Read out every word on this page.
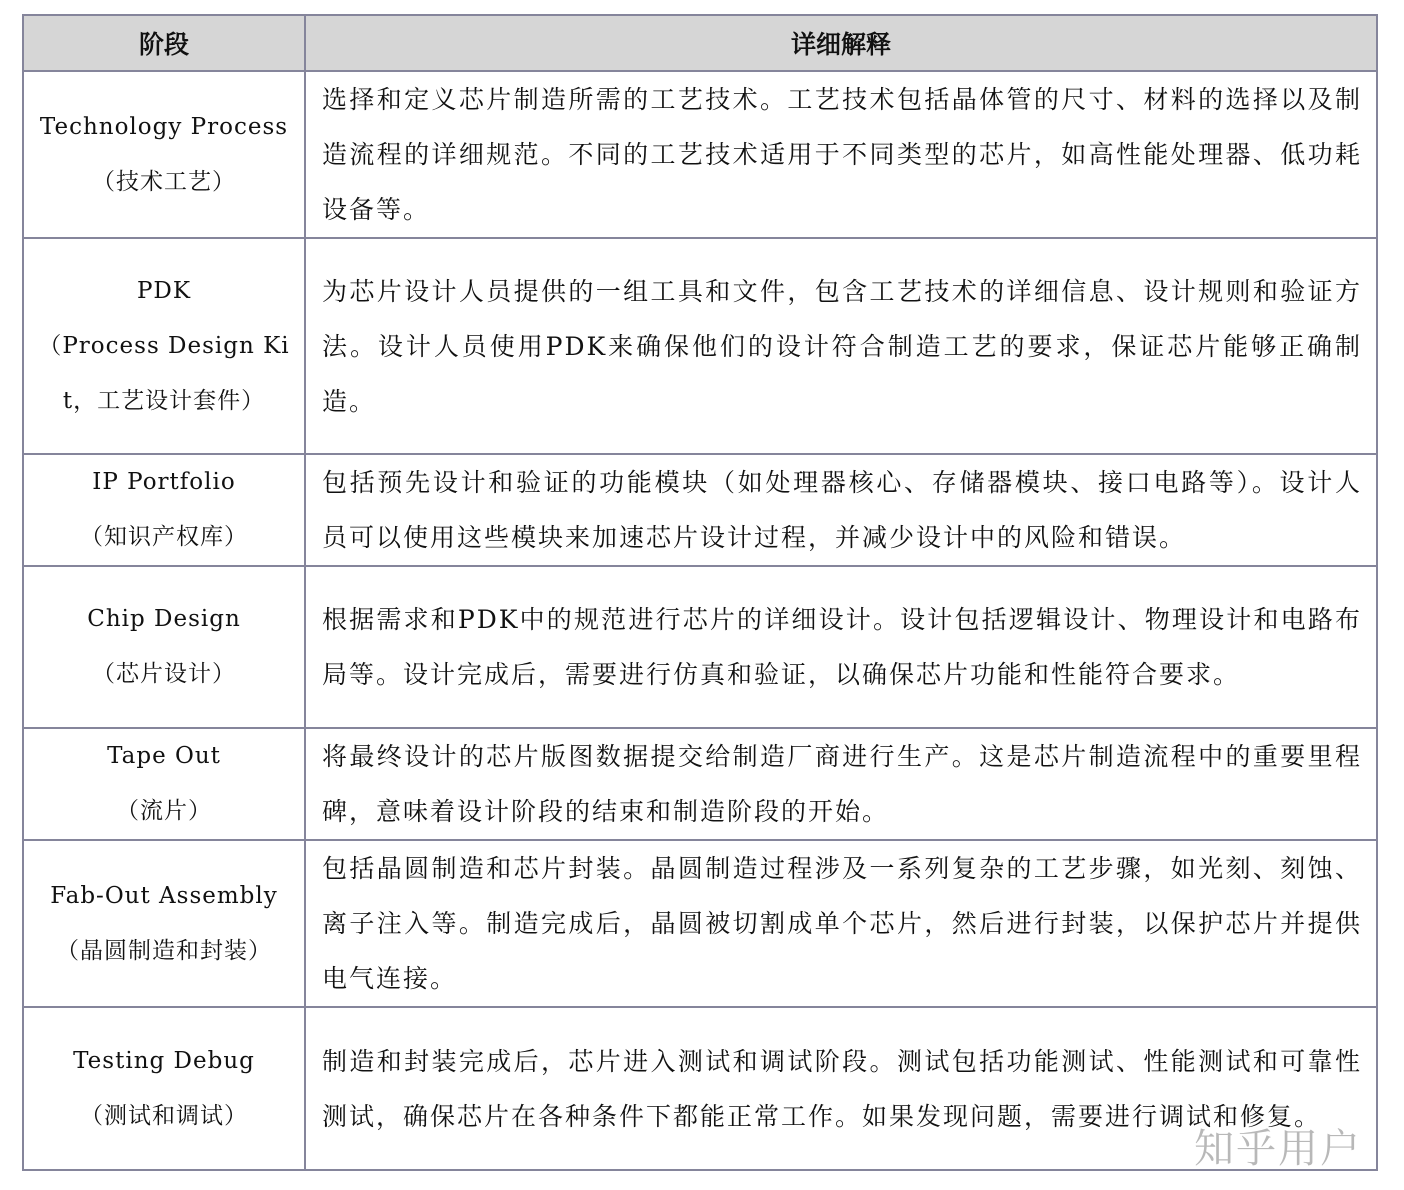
阶段	详细解释

Technology Process
（技术工艺）	选择和定义芯片制造所需的工艺技术。工艺技术包括晶体管的尺寸、材料的选择以及制造流程的详细规范。不同的工艺技术适用于不同类型的芯片，如高性能处理器、低功耗设备等。

PDK
（Process Design Kit，工艺设计套件）	为芯片设计人员提供的一组工具和文件，包含工艺技术的详细信息、设计规则和验证方法。设计人员使用PDK来确保他们的设计符合制造工艺的要求，保证芯片能够正确制造。

IP Portfolio
（知识产权库）	包括预先设计和验证的功能模块（如处理器核心、存储器模块、接口电路等）。设计人员可以使用这些模块来加速芯片设计过程，并减少设计中的风险和错误。

Chip Design
（芯片设计）	根据需求和PDK中的规范进行芯片的详细设计。设计包括逻辑设计、物理设计和电路布局等。设计完成后，需要进行仿真和验证，以确保芯片功能和性能符合要求。

Tape Out
（流片）	将最终设计的芯片版图数据提交给制造厂商进行生产。这是芯片制造流程中的重要里程碑，意味着设计阶段的结束和制造阶段的开始。

Fab-Out Assembly
（晶圆制造和封装）	包括晶圆制造和芯片封装。晶圆制造过程涉及一系列复杂的工艺步骤，如光刻、刻蚀、离子注入等。制造完成后，晶圆被切割成单个芯片，然后进行封装，以保护芯片并提供电气连接。

Testing Debug
（测试和调试）	制造和封装完成后，芯片进入测试和调试阶段。测试包括功能测试、性能测试和可靠性测试，确保芯片在各种条件下都能正常工作。如果发现问题，需要进行调试和修复。
知乎用户
